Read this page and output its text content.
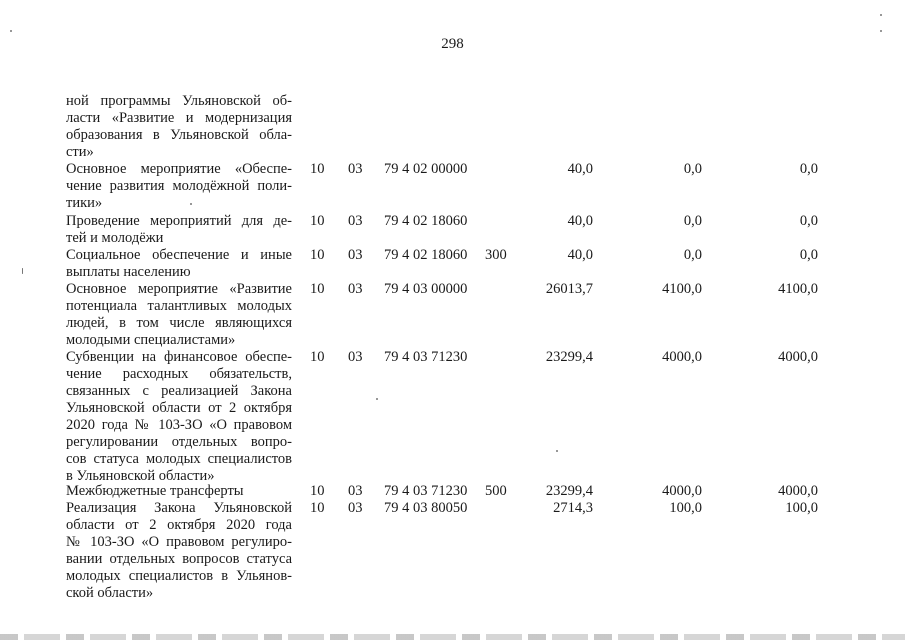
298
ной программы Ульяновской об-
ласти «Развитие и модернизация
образования в Ульяновской обла-
сти»
Основное мероприятие «Обеспе-
чение развития молодёжной поли-
тики»
10 03 79 4 02 00000	40,0	0,0	0,0
Проведение мероприятий для де-
тей и молодёжи
10 03 79 4 02 18060	40,0	0,0	0,0
Социальное обеспечение и иные
выплаты населению
10 03 79 4 02 18060 300	40,0	0,0	0,0
Основное мероприятие «Развитие
потенциала талантливых молодых
людей, в том числе являющихся
молодыми специалистами»
10 03 79 4 03 00000	26013,7	4100,0	4100,0
Субвенции на финансовое обеспе-
чение расходных обязательств,
связанных с реализацией Закона
Ульяновской области от 2 октября
2020 года № 103-ЗО «О правовом
регулировании отдельных вопро-
сов статуса молодых специалистов
в Ульяновской области»
10 03 79 4 03 71230	23299,4	4000,0	4000,0
Межбюджетные трансферты	10 03 79 4 03 71230 500	23299,4	4000,0	4000,0
Реализация Закона Ульяновской
области от 2 октября 2020 года
№ 103-ЗО «О правовом регулиро-
вании отдельных вопросов статуса
молодых специалистов в Ульянов-
ской области»
10 03 79 4 03 80050	2714,3	100,0	100,0
